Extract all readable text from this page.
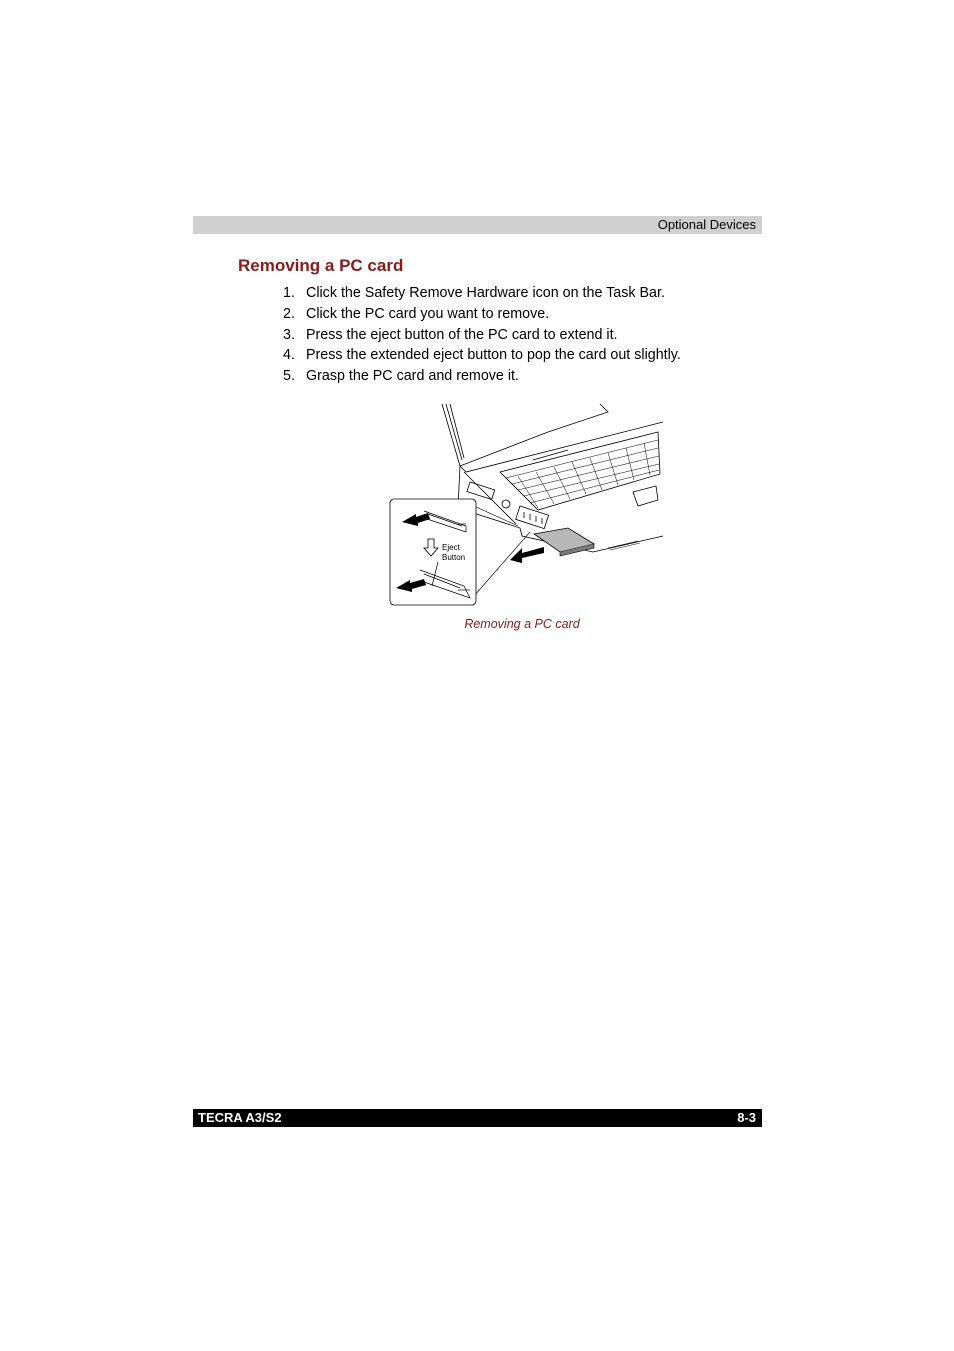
Optional Devices
Removing a PC card
1. Click the Safety Remove Hardware icon on the Task Bar.
2. Click the PC card you want to remove.
3. Press the eject button of the PC card to extend it.
4. Press the extended eject button to pop the card out slightly.
5. Grasp the PC card and remove it.
Eject
Button
Removing a PC card
TECRA A3/S2	8-3
